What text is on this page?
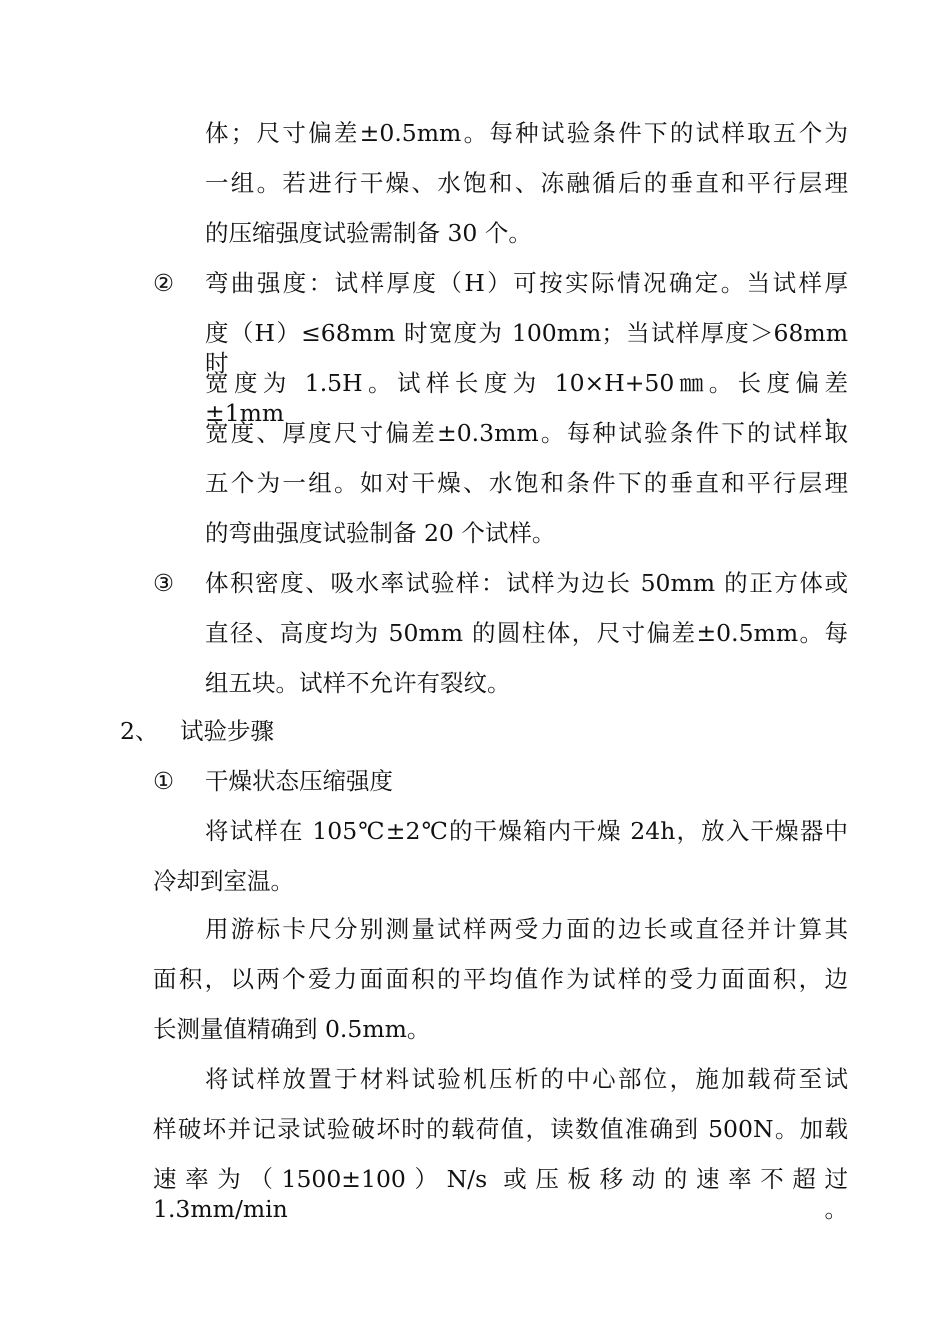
体；尺寸偏差±0.5mm。每种试验条件下的试样取五个为
一组。若进行干燥、水饱和、冻融循后的垂直和平行层理
的压缩强度试验需制备 30 个。
② 弯曲强度：试样厚度（H）可按实际情况确定。当试样厚
度（H）≤68mm 时宽度为 100mm；当试样厚度＞68mm 时
宽度为 1.5H。试样长度为 10×H+50㎜。长度偏差±1mm，
宽度、厚度尺寸偏差±0.3mm。每种试验条件下的试样取
五个为一组。如对干燥、水饱和条件下的垂直和平行层理
的弯曲强度试验制备 20 个试样。
③ 体积密度、吸水率试验样：试样为边长 50mm 的正方体或
直径、高度均为 50mm 的圆柱体，尺寸偏差±0.5mm。每
组五块。试样不允许有裂纹。
2、 试验步骤
① 干燥状态压缩强度
将试样在 105℃±2℃的干燥箱内干燥 24h，放入干燥器中
冷却到室温。
用游标卡尺分别测量试样两受力面的边长或直径并计算其
面积，以两个爱力面面积的平均值作为试样的受力面面积，边
长测量值精确到 0.5mm。
将试样放置于材料试验机压析的中心部位，施加载荷至试
样破坏并记录试验破坏时的载荷值，读数值准确到 500N。加载
速率为（1500±100）N/s 或压板移动的速率不超过 1.3mm/min。
